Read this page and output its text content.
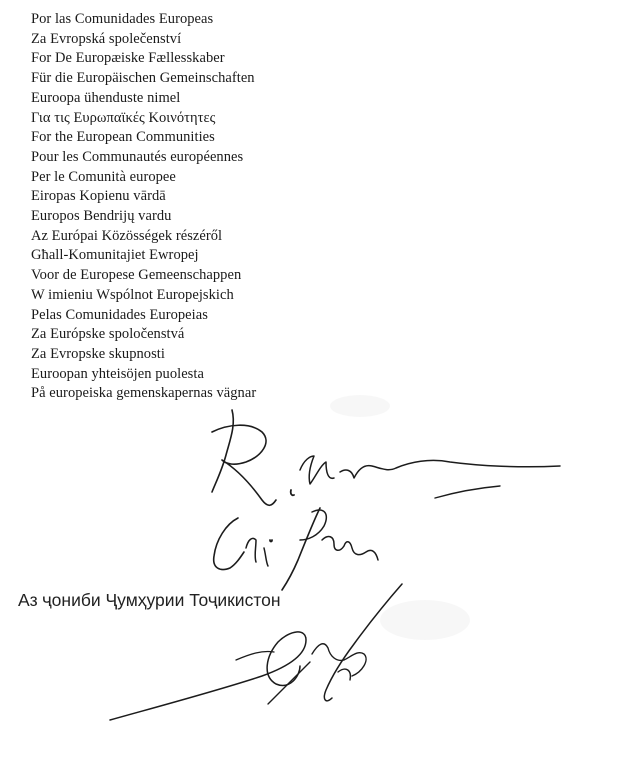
Por las Comunidades Europeas
Za Evropská společenství
For De Europæiske Fællesskaber
Für die Europäischen Gemeinschaften
Euroopa ühenduste nimel
Για τις Ευρωπαϊκές Κοινότητες
For the European Communities
Pour les Communautés européennes
Per le Comunità europee
Eiropas Kopienu vārdā
Europos Bendrijų vardu
Az Európai Közösségek részéről
Għall-Komunitajiet Ewropej
Voor de Europese Gemeenschappen
W imieniu Wspólnot Europejskich
Pelas Comunidades Europeias
Za Európske spoločenstvá
Za Evropske skupnosti
Euroopan yhteisöjen puolesta
På europeiska gemenskapernas vägnar
Аз ҷониби Ҷумҳурии Тоҷикистон
